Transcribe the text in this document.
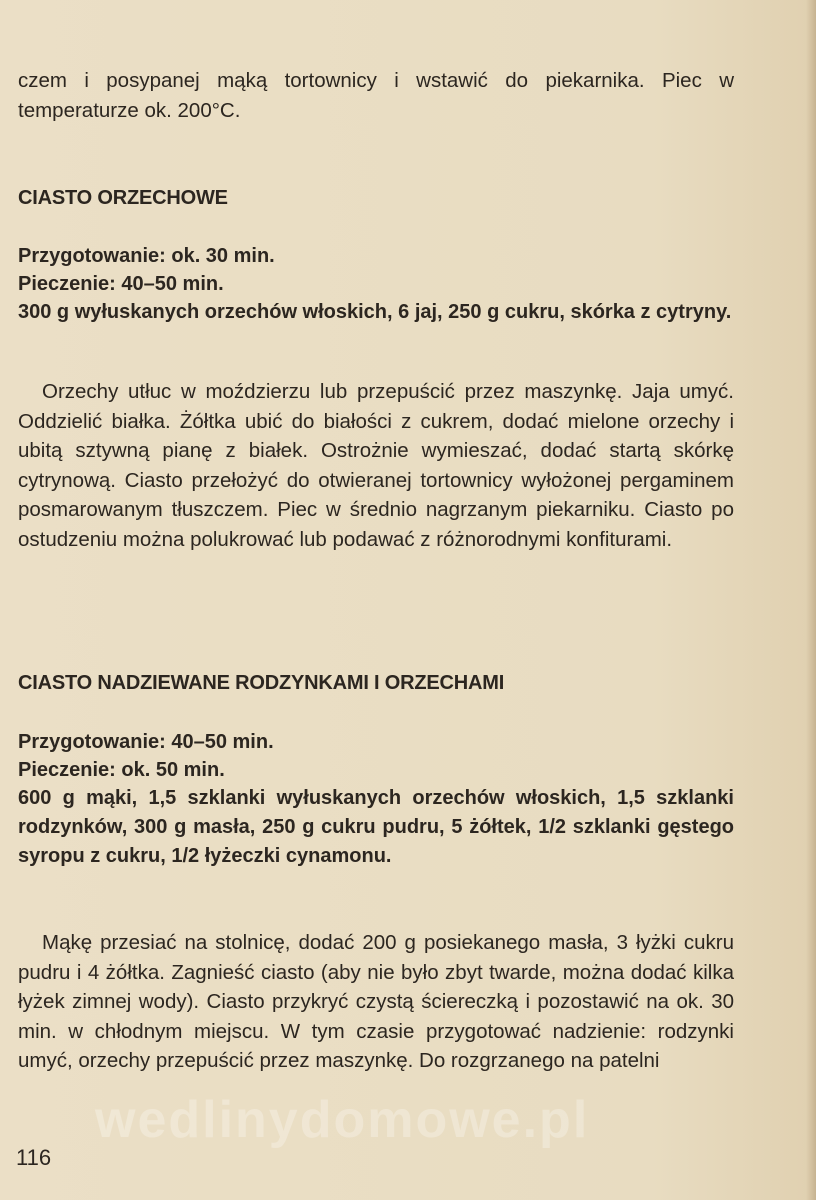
czem i posypanej mąką tortownicy i wstawić do piekarnika. Piec w temperaturze ok. 200°C.

CIASTO ORZECHOWE

Przygotowanie: ok. 30 min.

Pieczenie: 40–50 min.

300 g wyłuskanych orzechów włoskich, 6 jaj, 250 g cukru, skórka z cytryny.

Orzechy utłuc w moździerzu lub przepuścić przez maszynkę. Jaja umyć. Oddzielić białka. Żółtka ubić do białości z cukrem, dodać mielone orzechy i ubitą sztywną pianę z białek. Ostrożnie wymieszać, dodać startą skórkę cytrynową. Ciasto przełożyć do otwieranej tortownicy wyłożonej pergaminem posmarowanym tłuszczem. Piec w średnio nagrzanym piekarniku. Ciasto po ostudzeniu można polukrować lub podawać z różnorodnymi konfiturami.

CIASTO NADZIEWANE RODZYNKAMI I ORZECHAMI

Przygotowanie: 40–50 min.

Pieczenie: ok. 50 min.

600 g mąki, 1,5 szklanki wyłuskanych orzechów włoskich, 1,5 szklanki rodzynków, 300 g masła, 250 g cukru pudru, 5 żółtek, 1/2 szklanki gęstego syropu z cukru, 1/2 łyżeczki cynamonu.

Mąkę przesiać na stolnicę, dodać 200 g posiekanego masła, 3 łyżki cukru pudru i 4 żółtka. Zagnieść ciasto (aby nie było zbyt twarde, można dodać kilka łyżek zimnej wody). Ciasto przykryć czystą ściereczką i pozostawić na ok. 30 min. w chłodnym miejscu. W tym czasie przygotować nadzienie: rodzynki umyć, orzechy przepuścić przez maszynkę. Do rozgrzanego na patelni

wedlinydomowe.pl
116
